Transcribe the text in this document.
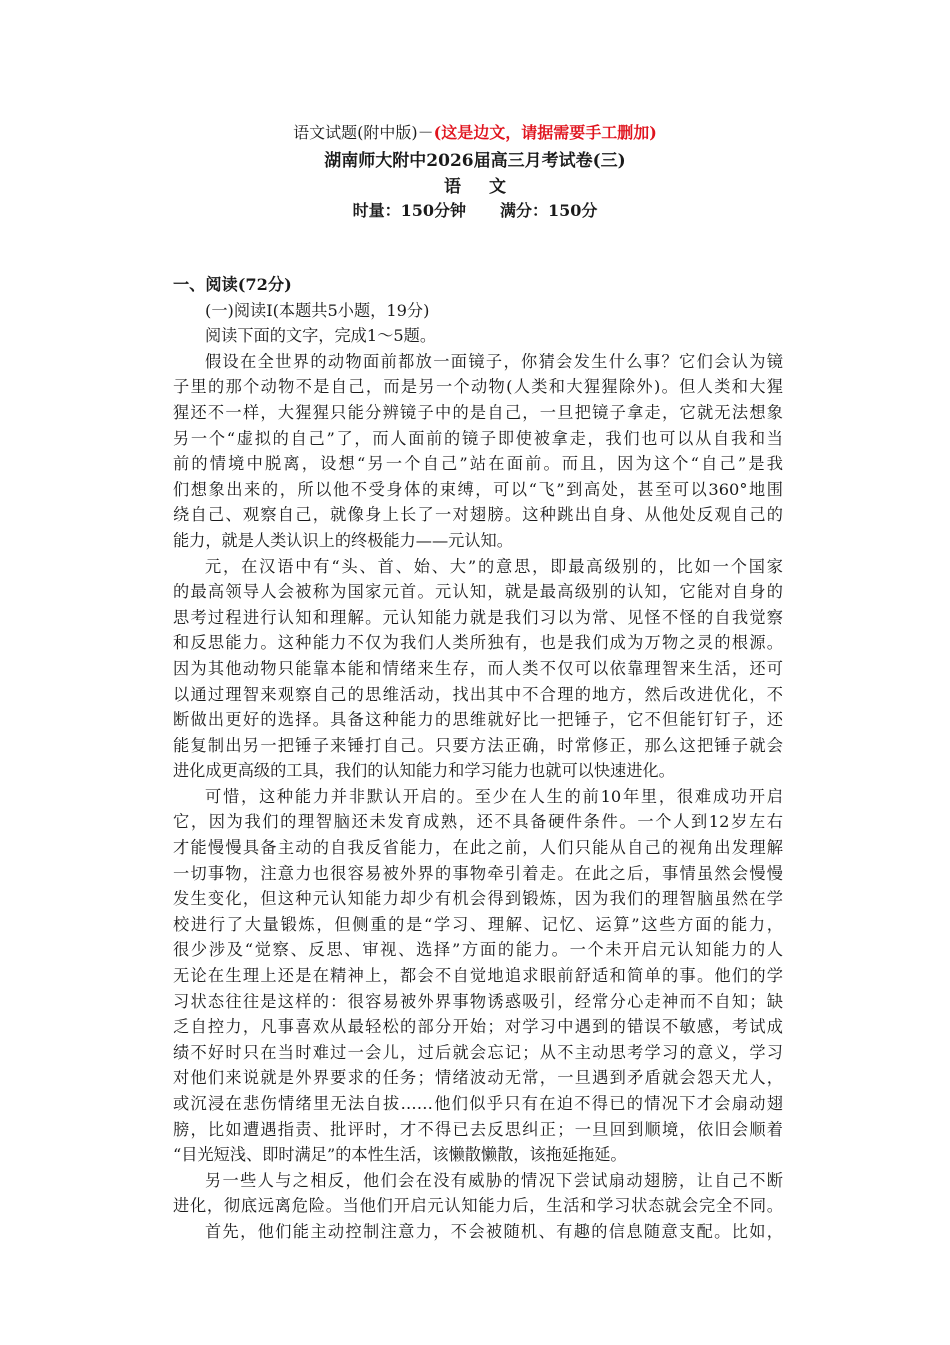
语文试题(附中版)－(这是边文，请据需要手工删加)
湖南师大附中2026届高三月考试卷(三)
语文
时量：150分钟 满分：150分
一、阅读(72分)
(一)阅读Ⅰ(本题共5小题，19分)
阅读下面的文字，完成1～5题。
假设在全世界的动物面前都放一面镜子，你猜会发生什么事？它们会认为镜
子里的那个动物不是自己，而是另一个动物(人类和大猩猩除外)。但人类和大猩
猩还不一样，大猩猩只能分辨镜子中的是自己，一旦把镜子拿走，它就无法想象
另一个“虚拟的自己”了，而人面前的镜子即使被拿走，我们也可以从自我和当
前的情境中脱离，设想“另一个自己”站在面前。而且，因为这个“自己”是我
们想象出来的，所以他不受身体的束缚，可以“飞”到高处，甚至可以360°地围
绕自己、观察自己，就像身上长了一对翅膀。这种跳出自身、从他处反观自己的
能力，就是人类认识上的终极能力——元认知。
元，在汉语中有“头、首、始、大”的意思，即最高级别的，比如一个国家
的最高领导人会被称为国家元首。元认知，就是最高级别的认知，它能对自身的
思考过程进行认知和理解。元认知能力就是我们习以为常、见怪不怪的自我觉察
和反思能力。这种能力不仅为我们人类所独有，也是我们成为万物之灵的根源。
因为其他动物只能靠本能和情绪来生存，而人类不仅可以依靠理智来生活，还可
以通过理智来观察自己的思维活动，找出其中不合理的地方，然后改进优化，不
断做出更好的选择。具备这种能力的思维就好比一把锤子，它不但能钉钉子，还
能复制出另一把锤子来锤打自己。只要方法正确，时常修正，那么这把锤子就会
进化成更高级的工具，我们的认知能力和学习能力也就可以快速进化。
可惜，这种能力并非默认开启的。至少在人生的前10年里，很难成功开启
它，因为我们的理智脑还未发育成熟，还不具备硬件条件。一个人到12岁左右
才能慢慢具备主动的自我反省能力，在此之前，人们只能从自己的视角出发理解
一切事物，注意力也很容易被外界的事物牵引着走。在此之后，事情虽然会慢慢
发生变化，但这种元认知能力却少有机会得到锻炼，因为我们的理智脑虽然在学
校进行了大量锻炼，但侧重的是“学习、理解、记忆、运算”这些方面的能力，
很少涉及“觉察、反思、审视、选择”方面的能力。一个未开启元认知能力的人
无论在生理上还是在精神上，都会不自觉地追求眼前舒适和简单的事。他们的学
习状态往往是这样的：很容易被外界事物诱惑吸引，经常分心走神而不自知；缺
乏自控力，凡事喜欢从最轻松的部分开始；对学习中遇到的错误不敏感，考试成
绩不好时只在当时难过一会儿，过后就会忘记；从不主动思考学习的意义，学习
对他们来说就是外界要求的任务；情绪波动无常，一旦遇到矛盾就会怨天尤人，
或沉浸在悲伤情绪里无法自拔……他们似乎只有在迫不得已的情况下才会扇动翅
膀，比如遭遇指责、批评时，才不得已去反思纠正；一旦回到顺境，依旧会顺着
“目光短浅、即时满足”的本性生活，该懒散懒散，该拖延拖延。
另一些人与之相反，他们会在没有威胁的情况下尝试扇动翅膀，让自己不断
进化，彻底远离危险。当他们开启元认知能力后，生活和学习状态就会完全不同。
首先，他们能主动控制注意力，不会被随机、有趣的信息随意支配。比如，
